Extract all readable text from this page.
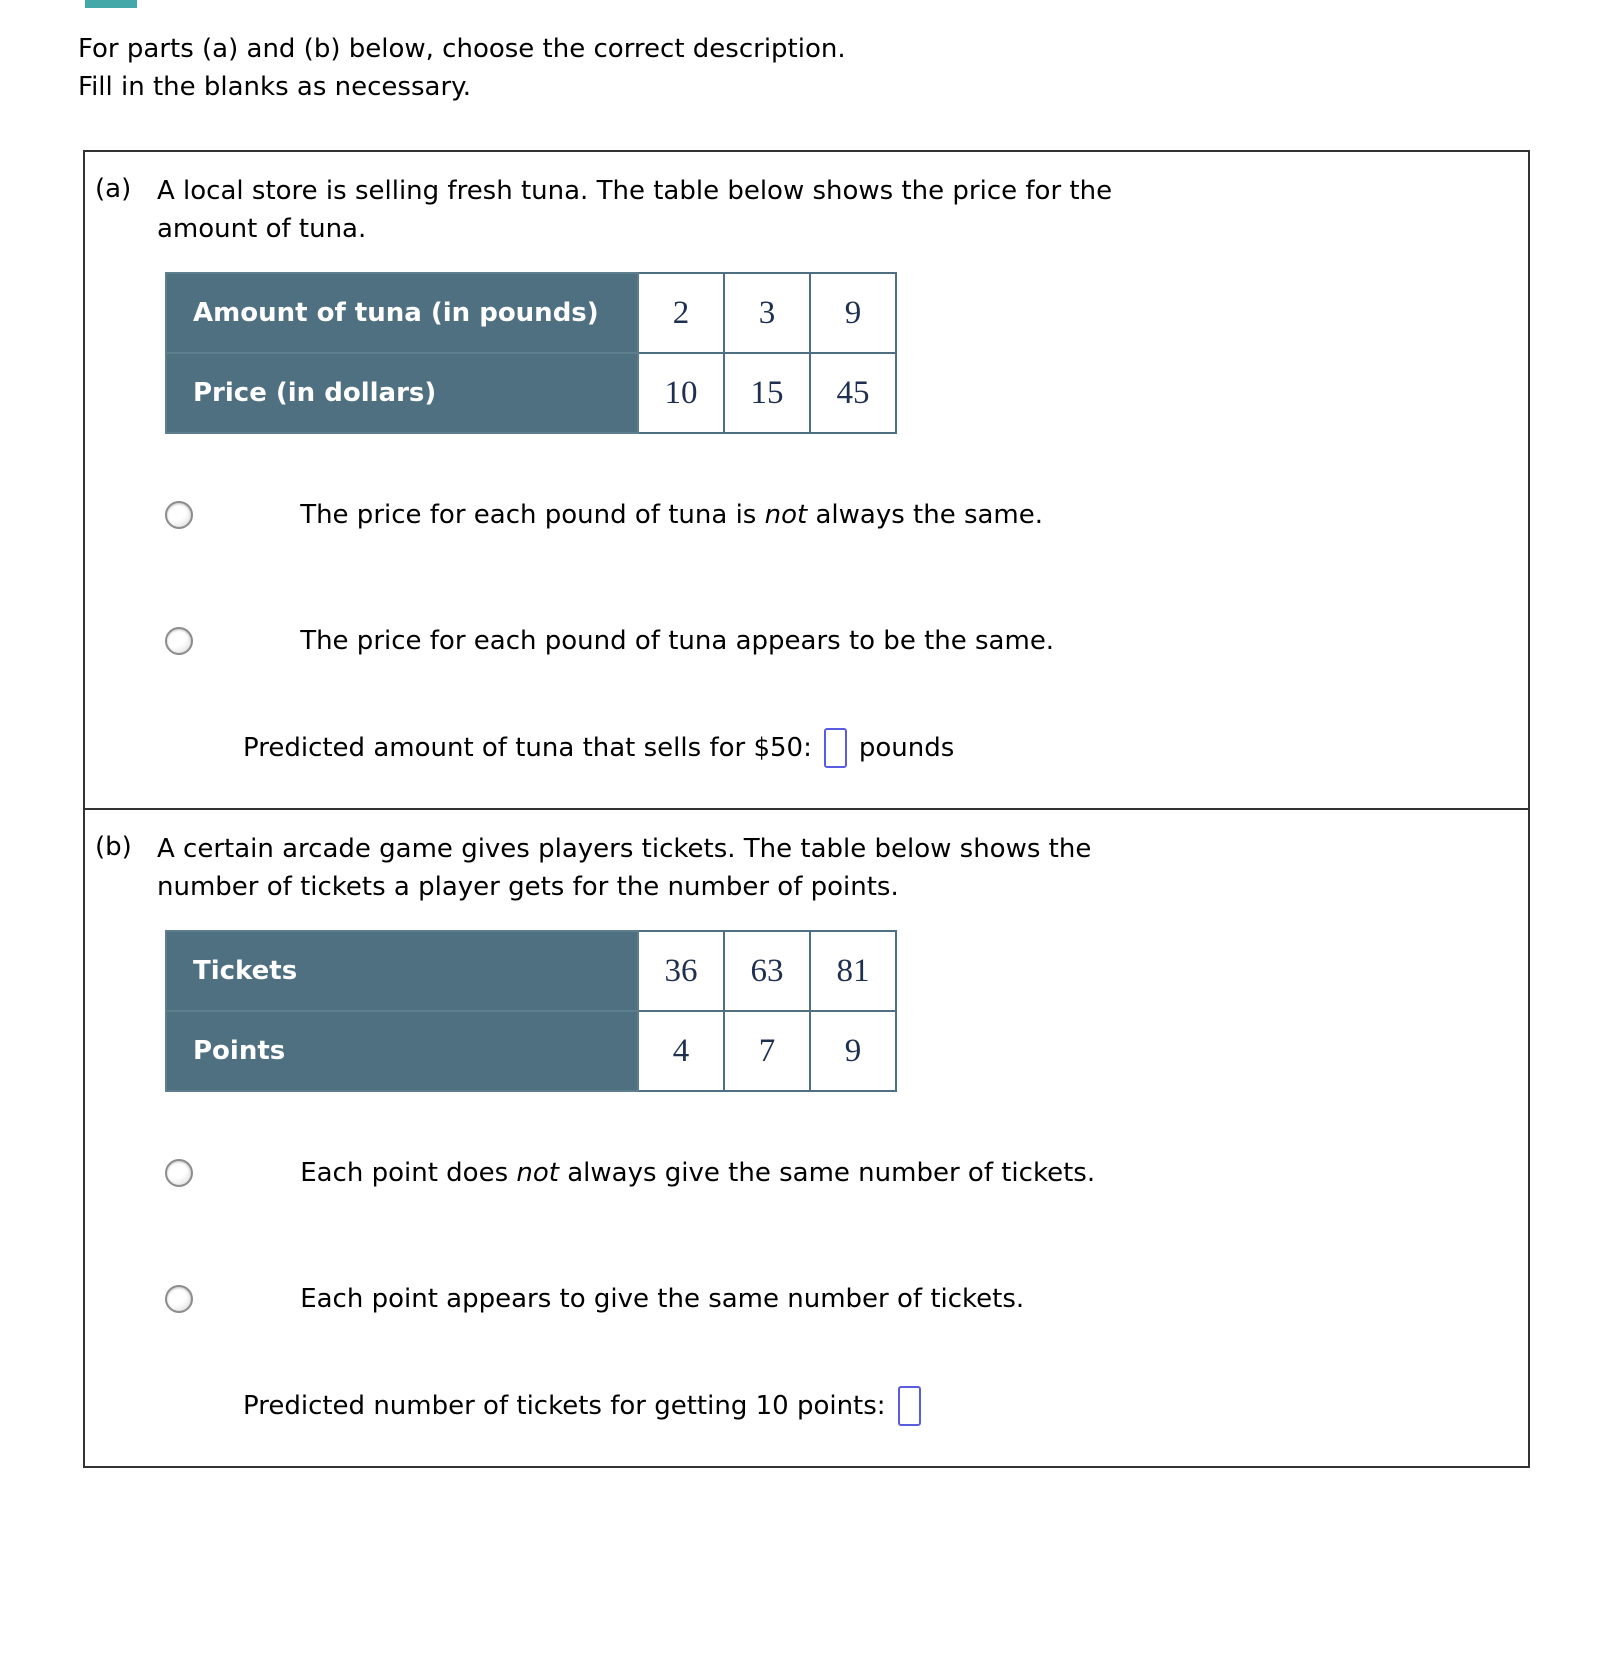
For parts (a) and (b) below, choose the correct description.
Fill in the blanks as necessary.
(a) A local store is selling fresh tuna. The table below shows the price for the
amount of tuna.
Amount of tuna (in pounds)	2	3	9
Price (in dollars)	10	15	45

The price for each pound of tuna is not always the same.

The price for each pound of tuna appears to be the same.

Predicted amount of tuna that sells for $50: pounds
(b) A certain arcade game gives players tickets. The table below shows the
number of tickets a player gets for the number of points.
Tickets	36	63	81
Points	4	7	9

Each point does not always give the same number of tickets.

Each point appears to give the same number of tickets.

Predicted number of tickets for getting 10 points:
